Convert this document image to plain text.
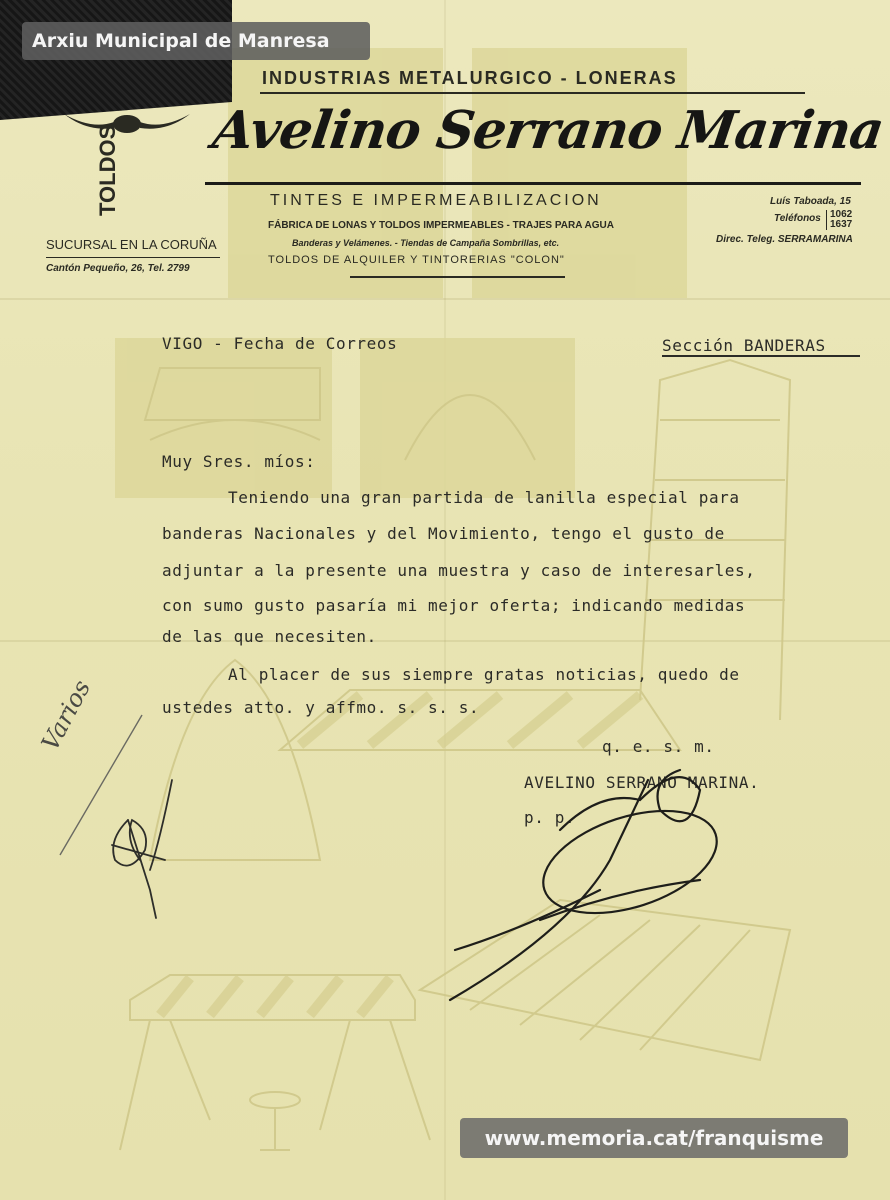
Arxiu Municipal de Manresa
TOLDOS
INDUSTRIAS METALURGICO - LONERAS
Avelino Serrano Marina
TINTES E IMPERMEABILIZACION
FÁBRICA DE LONAS Y TOLDOS IMPERMEABLES - TRAJES PARA AGUA
Banderas y Velámenes. - Tiendas de Campaña Sombrillas, etc.
TOLDOS DE ALQUILER Y TINTORERIAS "COLON"
SUCURSAL EN LA CORUÑA
Cantón Pequeño, 26, Tel. 2799
Luís Taboada, 15
Teléfonos 1062
1637
Direc. Teleg. SERRAMARINA
VIGO - Fecha de Correos	Sección BANDERAS
Muy Sres. míos:
Teniendo una gran partida de lanilla especial para
banderas Nacionales y del Movimiento, tengo el gusto de
adjuntar a la presente una muestra y caso de interesarles,
con sumo gusto pasaría mi mejor oferta; indicando medidas
de las que necesiten.
Al placer de sus siempre gratas noticias, quedo de
ustedes atto. y affmo. s. s. s.
q. e. s. m.
AVELINO SERRANO MARINA.
p. p.
Varios
www.memoria.cat/franquisme
